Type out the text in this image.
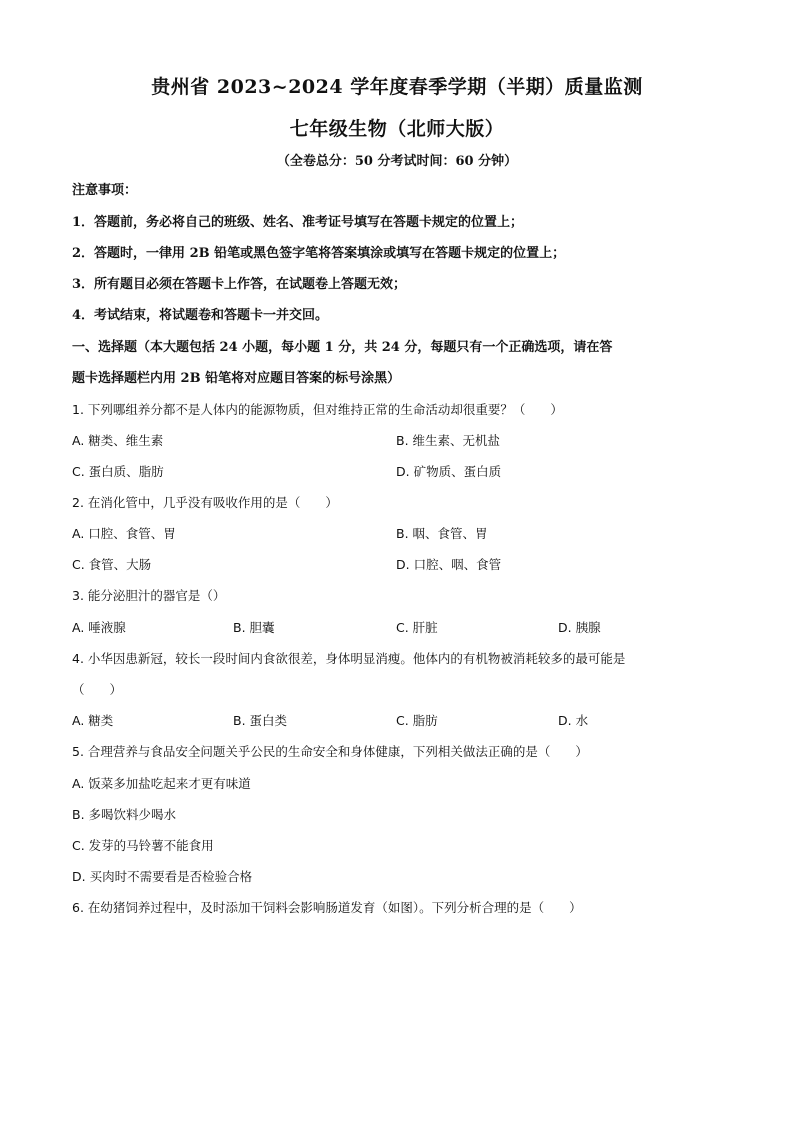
贵州省 2023~2024 学年度春季学期（半期）质量监测
七年级生物（北师大版）
（全卷总分：50 分考试时间：60 分钟）
注意事项：
1．答题前，务必将自己的班级、姓名、准考证号填写在答题卡规定的位置上；
2．答题时，一律用 2B 铅笔或黑色签字笔将答案填涂或填写在答题卡规定的位置上；
3．所有题目必须在答题卡上作答，在试题卷上答题无效；
4．考试结束，将试题卷和答题卡一并交回。
一、选择题（本大题包括 24 小题，每小题 1 分，共 24 分，每题只有一个正确选项，请在答
题卡选择题栏内用 2B 铅笔将对应题目答案的标号涂黑）
1. 下列哪组养分都不是人体内的能源物质，但对维持正常的生命活动却很重要？（　　）
A. 糖类、维生素	B. 维生素、无机盐
C. 蛋白质、脂肪	D. 矿物质、蛋白质
2. 在消化管中，几乎没有吸收作用的是（　　）
A. 口腔、食管、胃	B. 咽、食管、胃
C. 食管、大肠	D. 口腔、咽、食管
3. 能分泌胆汁的器官是（）
A. 唾液腺	B. 胆囊	C. 肝脏	D. 胰腺
4. 小华因患新冠，较长一段时间内食欲很差，身体明显消瘦。他体内的有机物被消耗较多的最可能是
（　　）
A. 糖类	B. 蛋白类	C. 脂肪	D. 水
5. 合理营养与食品安全问题关乎公民的生命安全和身体健康，下列相关做法正确的是（　　）
A. 饭菜多加盐吃起来才更有味道
B. 多喝饮料少喝水
C. 发芽的马铃薯不能食用
D. 买肉时不需要看是否检验合格
6. 在幼猪饲养过程中，及时添加干饲料会影响肠道发育（如图）。下列分析合理的是（　　）
